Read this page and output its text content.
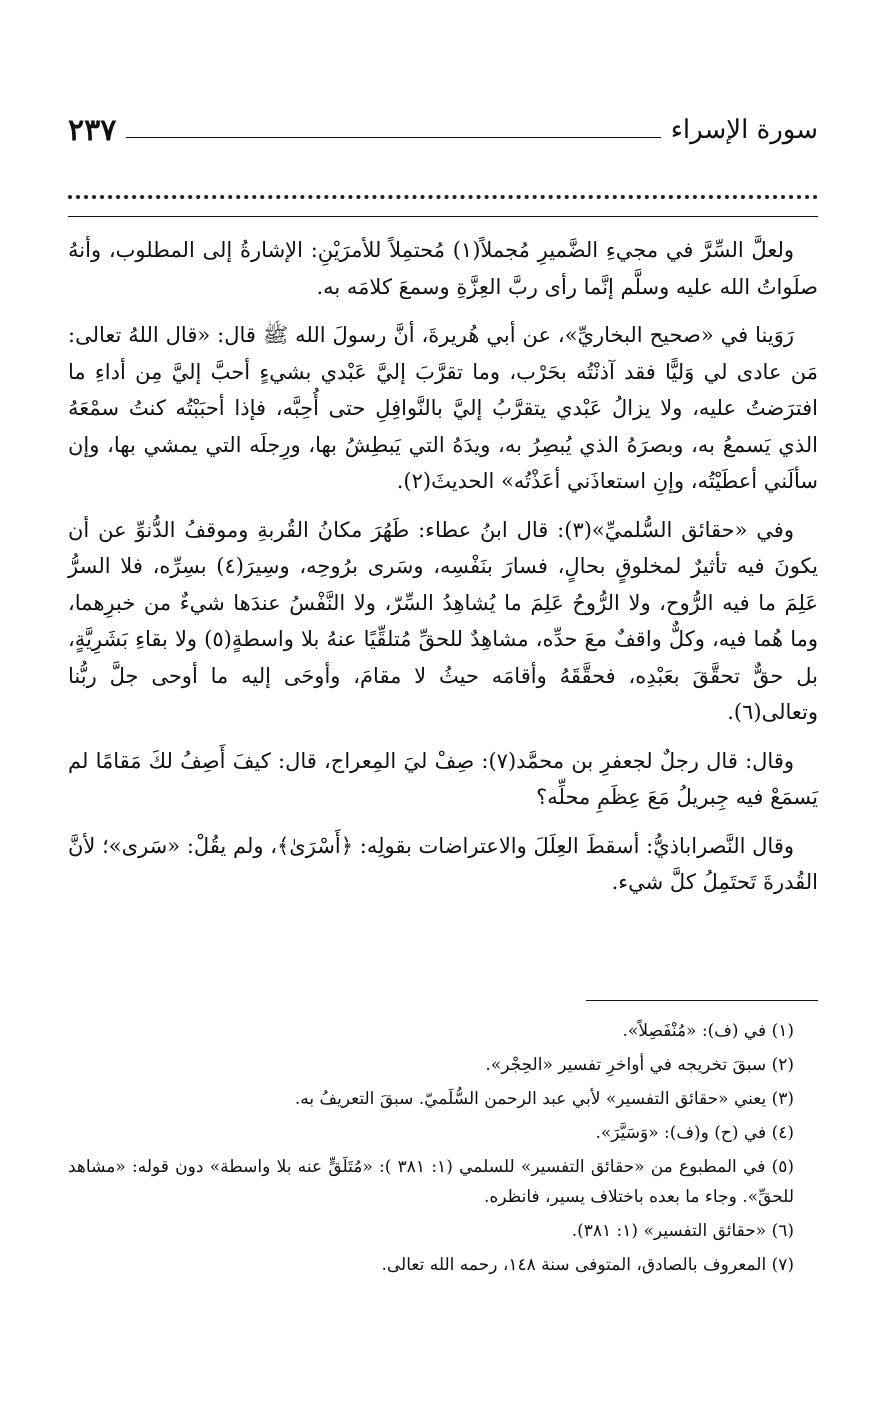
سورة الإسراء
٢٣٧

ولعلَّ السِّرَّ في مجيءِ الضَّميرِ مُجملاً(١) مُحتمِلاً للأمرَيْنِ: الإشارةُ إلى المطلوب، وأنهُ صلَواتُ الله عليه وسلَّم إنَّما رأى ربَّ العِزَّةِ وسمعَ كلامَه به.

رَوَينا في «صحيح البخاريِّ»، عن أبي هُريرةَ، أنَّ رسولَ الله ﷺ قال: «قال اللهُ تعالى: مَن عادى لي وَليًّا فقد آذنْتُه بحَرْب، وما تقرَّبَ إليَّ عَبْدي بشيءٍ أحبَّ إليَّ مِن أداءِ ما افترَضتُ عليه، ولا يزالُ عَبْدي يتقرَّبُ إليَّ بالنَّوافِلِ حتى أُحِبَّه، فإذا أحبَبْتُه كنتُ سمْعَهُ الذي يَسمعُ به، وبصرَهُ الذي يُبصِرُ به، ويدَهُ التي يَبطِشُ بها، ورِجلَه التي يمشي بها، وإن سألَني أعطَيْتُه، وإنِ استعاذَني أعَذْتُه» الحديثَ(٢).

وفي «حقائق السُّلميِّ»(٣): قال ابنُ عطاء: طَهُرَ مكانُ القُربةِ وموقفُ الدُّنوِّ عن أن يكونَ فيه تأثيرٌ لمخلوقٍ بحالٍ، فسارَ بنَفْسِه، وسَرى برُوحِه، وسِيرَ(٤) بسِرِّه، فلا السرُّ عَلِمَ ما فيه الرُّوح، ولا الرُّوحُ عَلِمَ ما يُشاهِدُ السِّرّ، ولا النَّفْسُ عندَها شيءٌ من خبرِهما، وما هُما فيه، وكلٌّ واقفٌ معَ حدِّه، مشاهِدٌ للحقِّ مُتلقِّيًا عنهُ بلا واسطةٍ(٥) ولا بقاءِ بَشَرِيَّةٍ، بل حقٌّ تحقَّقَ بعَبْدِه، فحقَّقَهُ وأقامَه حيثُ لا مقامَ، وأوحَى إليه ما أوحى جلَّ ربُّنا وتعالى(٦).

وقال: قال رجلٌ لجعفرِ بن محمَّد(٧): صِفْ ليَ المِعراج، قال: كيفَ أَصِفُ لكَ مَقامًا لم يَسمَعْ فيه جِبريلُ مَعَ عِظَمِ محلِّه؟

وقال النَّصراباذيُّ: أسقطَ العِلَلَ والاعتراضات بقولِه: ﴿أَسْرَىٰ﴾، ولم يقُلْ: «سَرى»؛ لأنَّ القُدرةَ تَحتَمِلُ كلَّ شيء.

(١) في (ف): «مُنْفَصِلاً».
(٢) سبقَ تخريجه في أواخرِ تفسير «الحِجْر».
(٣) يعني «حقائق التفسير» لأبي عبد الرحمن السُّلَميّ. سبقَ التعريفُ به.
(٤) في (ح) و(ف): «وَسَيَّرَ».
(٥) في المطبوع من «حقائق التفسير» للسلمي (١: ٣٨١ ): «مُتَلَقٍّ عنه بلا واسطة» دون قوله: «مشاهد للحقِّ». وجاء ما بعده باختلاف يسير، فانظره.
(٦) «حقائق التفسير» (١: ٣٨١).
(٧) المعروف بالصادق، المتوفى سنة ١٤٨، رحمه الله تعالى.
